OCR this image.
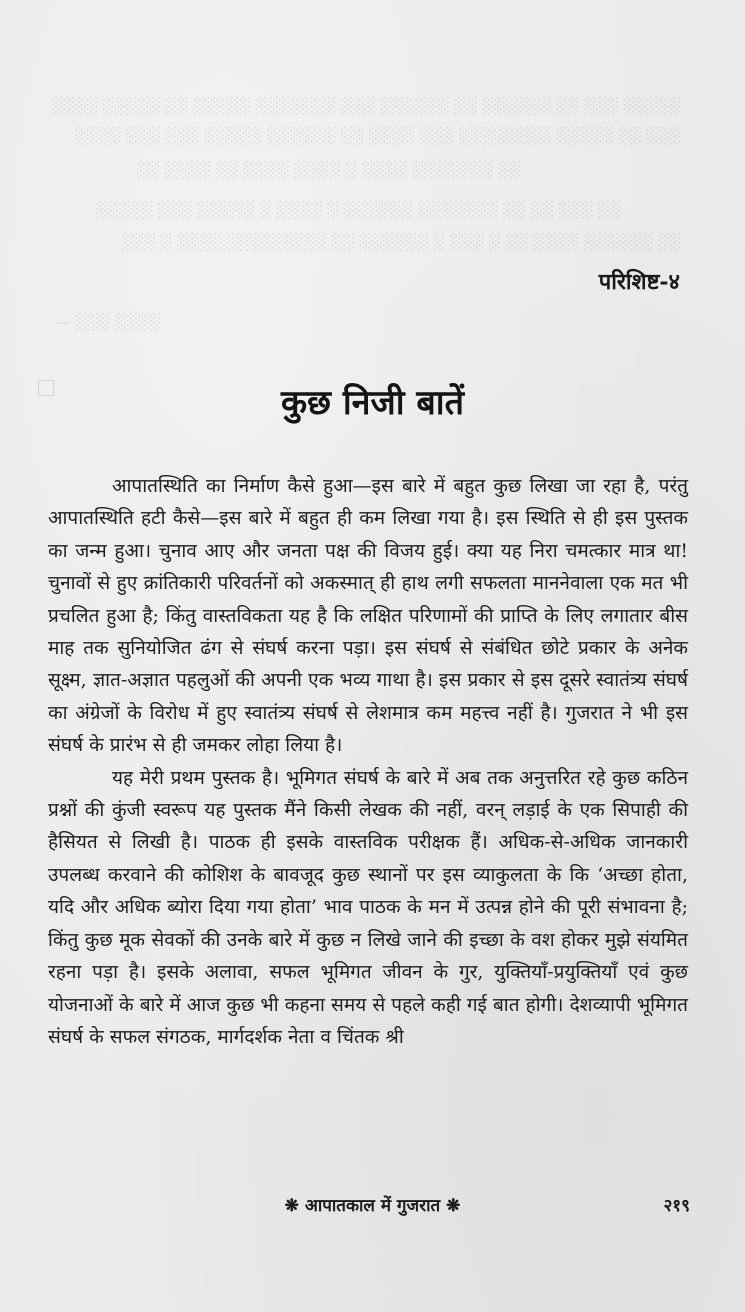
░░░░░ ░░░ ░░ ░░░░░░ ░░ ░░░░░░ ░░░ ░░░░░░░ ░░░░░ ░░ ░░░░░ ░░░░
░░░ ░░ ░░░░░ ░░░░░░░░ ░░░ ░░░░ ░░ ░░░░░░ ░░░░░ ░░░ ░░░ ░░░░
░░ ░░░░░░░ ░░░░ ░ ░░░░ ░░░░ ░░ ░░░░ ░░
░░ ░░░ ░░ ░░ ░░░░░░░ ░░░░░░ ░ ░░░░ ░ ░░░░░ ░░░ ░░░░░
░░ ░░░░░░ ░░░░ ░░ ░ ░░░ ░ ░░░░░░ ░░ ░░░░░░░░░░░░░ ░ ░░░
░░░░ ░░░ —
परिशिष्ट-४
कुछ निजी बातें

आपातस्थिति का निर्माण कैसे हुआ—इस बारे में बहुत कुछ लिखा जा रहा है, परंतु आपातस्थिति हटी कैसे—इस बारे में बहुत ही कम लिखा गया है। इस स्थिति से ही इस पुस्तक का जन्म हुआ। चुनाव आए और जनता पक्ष की विजय हुई। क्या यह निरा चमत्कार मात्र था! चुनावों से हुए क्रांतिकारी परिवर्तनों को अकस्मात् ही हाथ लगी सफलता माननेवाला एक मत भी प्रचलित हुआ है; किंतु वास्तविकता यह है कि लक्षित परिणामों की प्राप्ति के लिए लगातार बीस माह तक सुनियोजित ढंग से संघर्ष करना पड़ा। इस संघर्ष से संबंधित छोटे प्रकार के अनेक सूक्ष्म, ज्ञात-अज्ञात पहलुओं की अपनी एक भव्य गाथा है। इस प्रकार से इस दूसरे स्वातंत्र्य संघर्ष का अंग्रेजों के विरोध में हुए स्वातंत्र्य संघर्ष से लेशमात्र कम महत्त्व नहीं है। गुजरात ने भी इस संघर्ष के प्रारंभ से ही जमकर लोहा लिया है।

यह मेरी प्रथम पुस्तक है। भूमिगत संघर्ष के बारे में अब तक अनुत्तरित रहे कुछ कठिन प्रश्नों की कुंजी स्वरूप यह पुस्तक मैंने किसी लेखक की नहीं, वरन् लड़ाई के एक सिपाही की हैसियत से लिखी है। पाठक ही इसके वास्तविक परीक्षक हैं। अधिक-से-अधिक जानकारी उपलब्ध करवाने की कोशिश के बावजूद कुछ स्थानों पर इस व्याकुलता के कि ‘अच्छा होता, यदि और अधिक ब्योरा दिया गया होता’ भाव पाठक के मन में उत्पन्न होने की पूरी संभावना है; किंतु कुछ मूक सेवकों की उनके बारे में कुछ न लिखे जाने की इच्छा के वश होकर मुझे संयमित रहना पड़ा है। इसके अलावा, सफल भूमिगत जीवन के गुर, युक्तियाँ-प्रयुक्तियाँ एवं कुछ योजनाओं के बारे में आज कुछ भी कहना समय से पहले कही गई बात होगी। देशव्यापी भूमिगत संघर्ष के सफल संगठक, मार्गदर्शक नेता व चिंतक श्री

❋ आपातकाल में गुजरात ❋	२१९
